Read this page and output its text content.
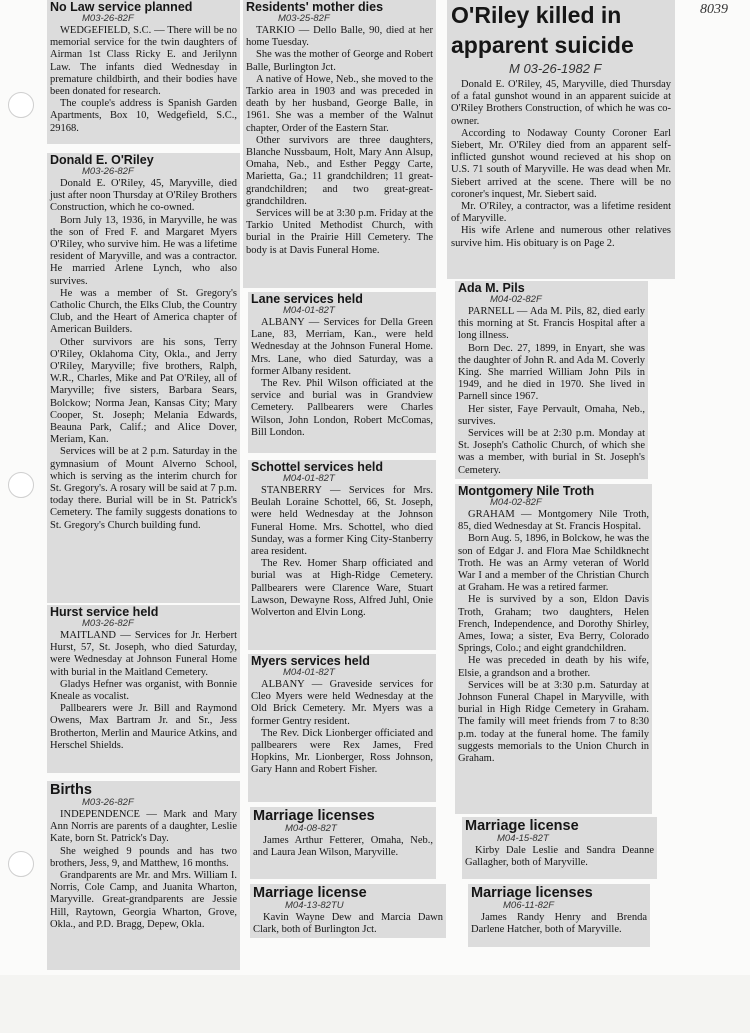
8039
No Law service planned
M03-26-82F

WEDGEFIELD, S.C. — There will be no memorial service for the twin daughters of Airman 1st Class Ricky E. and Jerilynn Law. The infants died Wednesday in premature childbirth, and their bodies have been donated for research.

The couple's address is Spanish Garden Apartments, Box 10, Wedgefield, S.C., 29168.

Donald E. O'Riley
M03-26-82F

Donald E. O'Riley, 45, Maryville, died just after noon Thursday at O'Riley Brothers Construction, which he co-owned.

Born July 13, 1936, in Maryville, he was the son of Fred F. and Margaret Myers O'Riley, who survive him. He was a lifetime resident of Maryville, and was a contractor. He married Arlene Lynch, who also survives.

He was a member of St. Gregory's Catholic Church, the Elks Club, the Country Club, and the Heart of America chapter of American Builders.

Other survivors are his sons, Terry O'Riley, Oklahoma City, Okla., and Jerry O'Riley, Maryville; five brothers, Ralph, W.R., Charles, Mike and Pat O'Riley, all of Maryville; five sisters, Barbara Sears, Bolckow; Norma Jean, Kansas City; Mary Cooper, St. Joseph; Melania Edwards, Beauna Park, Calif.; and Alice Dover, Meriam, Kan.

Services will be at 2 p.m. Saturday in the gymnasium of Mount Alverno School, which is serving as the interim church for St. Gregory's. A rosary will be said at 7 p.m. today there. Burial will be in St. Patrick's Cemetery. The family suggests donations to St. Gregory's Church building fund.

Hurst service held
M03-26-82F

MAITLAND — Services for Jr. Herbert Hurst, 57, St. Joseph, who died Saturday, were Wednesday at Johnson Funeral Home with burial in the Maitland Cemetery.

Gladys Hefner was organist, with Bonnie Kneale as vocalist.

Pallbearers were Jr. Bill and Raymond Owens, Max Bartram Jr. and Sr., Jess Brotherton, Merlin and Maurice Atkins, and Herschel Shields.

Births
M03-26-82F

INDEPENDENCE — Mark and Mary Ann Norris are parents of a daughter, Leslie Kate, born St. Patrick's Day.

She weighed 9 pounds and has two brothers, Jess, 9, and Matthew, 16 months.

Grandparents are Mr. and Mrs. William I. Norris, Cole Camp, and Juanita Wharton, Maryville. Great-grandparents are Jessie Hill, Raytown, Georgia Wharton, Grove, Okla., and P.D. Bragg, Depew, Okla.

Residents' mother dies
M03-25-82F

TARKIO — Dello Balle, 90, died at her home Tuesday.

She was the mother of George and Robert Balle, Burlington Jct.

A native of Howe, Neb., she moved to the Tarkio area in 1903 and was preceded in death by her husband, George Balle, in 1961. She was a member of the Walnut chapter, Order of the Eastern Star.

Other survivors are three daughters, Blanche Nussbaum, Holt, Mary Ann Alsup, Omaha, Neb., and Esther Peggy Carte, Marietta, Ga.; 11 grandchildren; 11 great-grandchildren; and two great-great-grandchildren.

Services will be at 3:30 p.m. Friday at the Tarkio United Methodist Church, with burial in the Prairie Hill Cemetery. The body is at Davis Funeral Home.

Lane services held
M04-01-82T

ALBANY — Services for Della Green Lane, 83, Merriam, Kan., were held Wednesday at the Johnson Funeral Home. Mrs. Lane, who died Saturday, was a former Albany resident.

The Rev. Phil Wilson officiated at the service and burial was in Grandview Cemetery. Pallbearers were Charles Wilson, John London, Robert McComas, Bill London.

Schottel services held
M04-01-82T

STANBERRY — Services for Mrs. Beulah Loraine Schottel, 66, St. Joseph, were held Wednesday at the Johnson Funeral Home. Mrs. Schottel, who died Sunday, was a former King City-Stanberry area resident.

The Rev. Homer Sharp officiated and burial was at High-Ridge Cemetery. Pallbearers were Clarence Ware, Stuart Lawson, Dewayne Ross, Alfred Juhl, Onie Wolverton and Elvin Long.

Myers services held
M04-01-82T

ALBANY — Graveside services for Cleo Myers were held Wednesday at the Old Brick Cemetery. Mr. Myers was a former Gentry resident.

The Rev. Dick Lionberger officiated and pallbearers were Rex James, Fred Hopkins, Mr. Lionberger, Ross Johnson, Gary Hann and Robert Fisher.

Marriage licenses
M04-08-82T

James Arthur Fetterer, Omaha, Neb., and Laura Jean Wilson, Maryville.

Marriage license
M04-13-82TU

Kavin Wayne Dew and Marcia Dawn Clark, both of Burlington Jct.

O'Riley killed in
apparent suicide
M 03-26-1982 F

Donald E. O'Riley, 45, Maryville, died Thursday of a fatal gunshot wound in an apparent suicide at O'Riley Brothers Construction, of which he was co-owner.

According to Nodaway County Coroner Earl Siebert, Mr. O'Riley died from an apparent self-inflicted gunshot wound recieved at his shop on U.S. 71 south of Maryville. He was dead when Mr. Siebert arrived at the scene. There will be no coroner's inquest, Mr. Siebert said.

Mr. O'Riley, a contractor, was a lifetime resident of Maryville.

His wife Arlene and numerous other relatives survive him. His obituary is on Page 2.

Ada M. Pils
M04-02-82F

PARNELL — Ada M. Pils, 82, died early this morning at St. Francis Hospital after a long illness.

Born Dec. 27, 1899, in Enyart, she was the daughter of John R. and Ada M. Coverly King. She married William John Pils in 1949, and he died in 1970. She lived in Parnell since 1967.

Her sister, Faye Pervault, Omaha, Neb., survives.

Services will be at 2:30 p.m. Monday at St. Joseph's Catholic Church, of which she was a member, with burial in St. Joseph's Cemetery.

Montgomery Nile Troth
M04-02-82F

GRAHAM — Montgomery Nile Troth, 85, died Wednesday at St. Francis Hospital.

Born Aug. 5, 1896, in Bolckow, he was the son of Edgar J. and Flora Mae Schildknecht Troth. He was an Army veteran of World War I and a member of the Christian Church at Graham. He was a retired farmer.

He is survived by a son, Eldon Davis Troth, Graham; two daughters, Helen French, Independence, and Dorothy Shirley, Ames, Iowa; a sister, Eva Berry, Colorado Springs, Colo.; and eight grandchildren.

He was preceded in death by his wife, Elsie, a grandson and a brother.

Services will be at 3:30 p.m. Saturday at Johnson Funeral Chapel in Maryville, with burial in High Ridge Cemetery in Graham. The family will meet friends from 7 to 8:30 p.m. today at the funeral home. The family suggests memorials to the Union Church in Graham.

Marriage license
M04-15-82T

Kirby Dale Leslie and Sandra Deanne Gallagher, both of Maryville.

Marriage licenses
M06-11-82F

James Randy Henry and Brenda Darlene Hatcher, both of Maryville.
